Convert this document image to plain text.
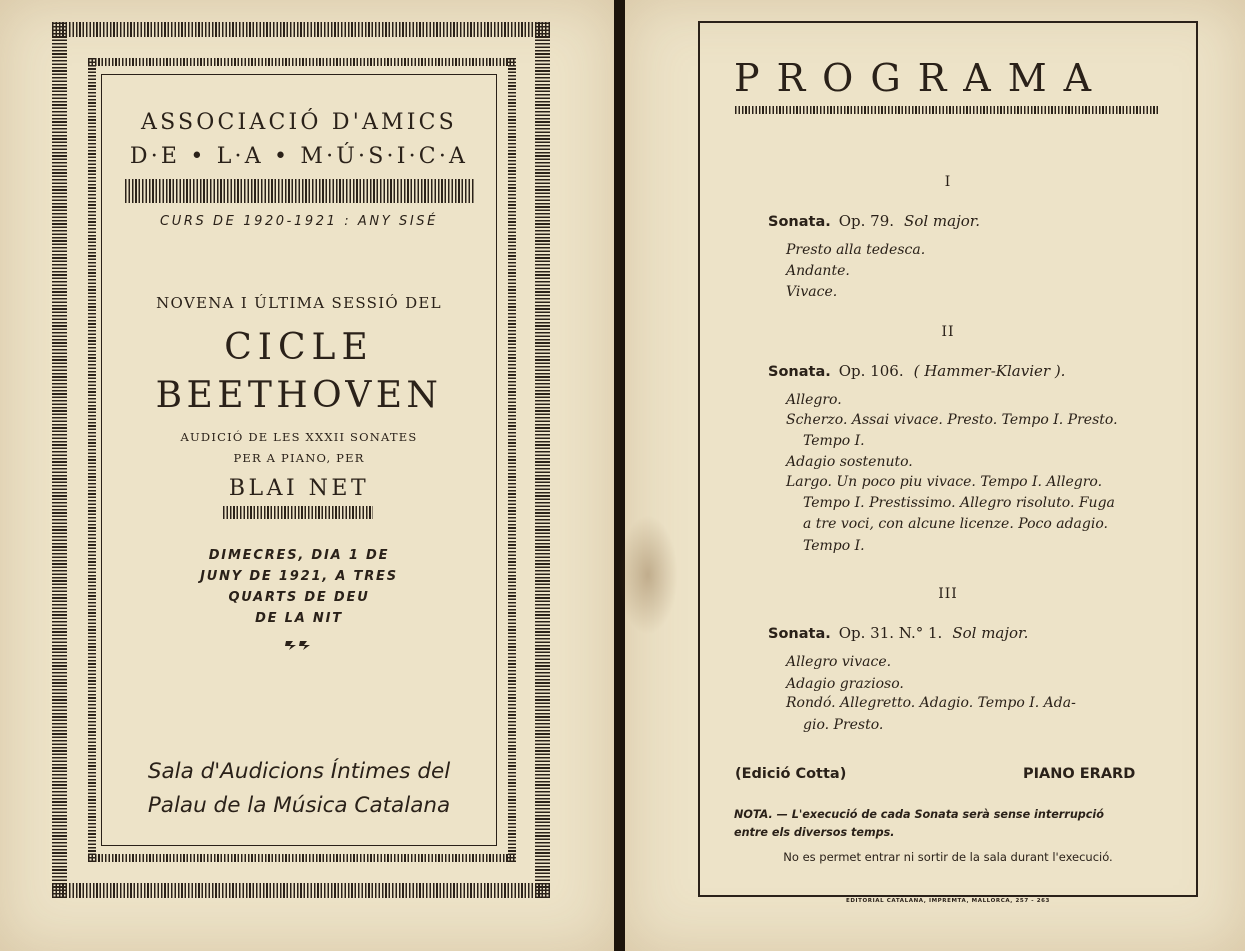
ASSOCIACIÓ D'AMICS
D·E • L·A • M·Ú·S·I·C·A
CURS DE 1920-1921 : ANY SISÉ
NOVENA I ÚLTIMA SESSIÓ DEL
CICLE
BEETHOVEN
AUDICIÓ DE LES XXXII SONATES
PER A PIANO, PER
BLAI NET
DIMECRES, DIA 1 DE
JUNY DE 1921, A TRES
QUARTS DE DEU
DE LA NIT
Sala d'Audicions Íntimes del
Palau de la Música Catalana
PROGRAMA
I
Sonata. Op. 79. Sol major.
Presto alla tedesca.
Andante.
Vivace.
II
Sonata. Op. 106. ( Hammer-Klavier ).
Allegro.
Scherzo. Assai vivace. Presto. Tempo I. Presto.
Tempo I.
Adagio sostenuto.
Largo. Un poco piu vivace. Tempo I. Allegro.
Tempo I. Prestissimo. Allegro risoluto. Fuga
a tre voci, con alcune licenze. Poco adagio.
Tempo I.
III
Sonata. Op. 31. N.° 1. Sol major.
Allegro vivace.
Adagio grazioso.
Rondó. Allegretto. Adagio. Tempo I. Ada-
gio. Presto.
(Edició Cotta)	PIANO ERARD
NOTA. — L'execució de cada Sonata serà sense interrupció
entre els diversos temps.
No es permet entrar ni sortir de la sala durant l'execució.
EDITORIAL CATALANA, IMPREMTA, MALLORCA, 257 - 263
